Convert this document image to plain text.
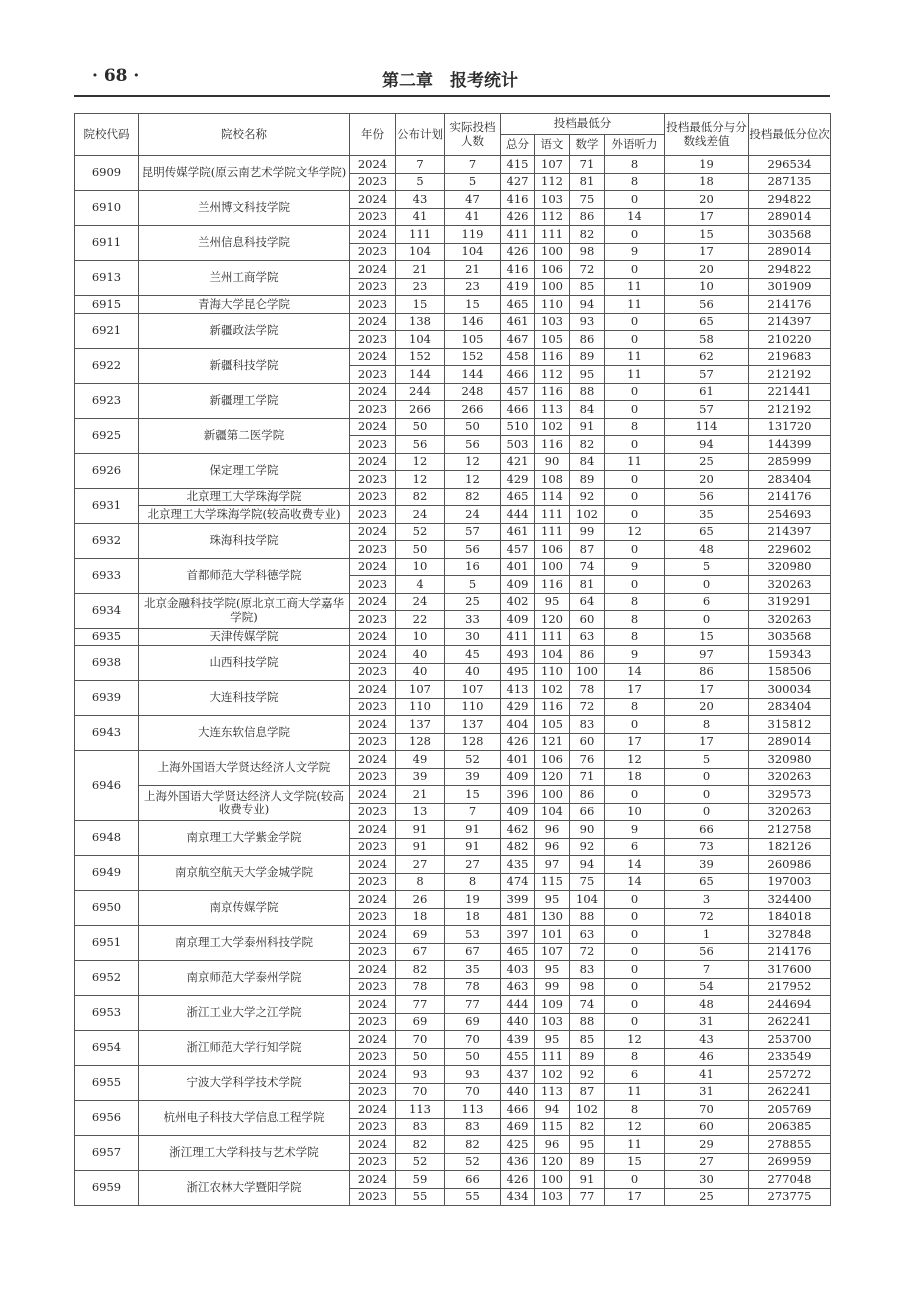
· 68 ·	第二章　报考统计
院校代码	院校名称	年份	公布计划	实际投档人数	投档最低分				投档最低分与分数线差值	投档最低分位次
					总分	语文	数学	外语听力		
6909	昆明传媒学院(原云南艺术学院文华学院)	2024	7	7	415	107	71	8	19	296534
		2023	5	5	427	112	81	8	18	287135
6910	兰州博文科技学院	2024	43	47	416	103	75	0	20	294822
		2023	41	41	426	112	86	14	17	289014
6911	兰州信息科技学院	2024	111	119	411	111	82	0	15	303568
		2023	104	104	426	100	98	9	17	289014
6913	兰州工商学院	2024	21	21	416	106	72	0	20	294822
		2023	23	23	419	100	85	11	10	301909
6915	青海大学昆仑学院	2023	15	15	465	110	94	11	56	214176
6921	新疆政法学院	2024	138	146	461	103	93	0	65	214397
		2023	104	105	467	105	86	0	58	210220
6922	新疆科技学院	2024	152	152	458	116	89	11	62	219683
		2023	144	144	466	112	95	11	57	212192
6923	新疆理工学院	2024	244	248	457	116	88	0	61	221441
		2023	266	266	466	113	84	0	57	212192
6925	新疆第二医学院	2024	50	50	510	102	91	8	114	131720
		2023	56	56	503	116	82	0	94	144399
6926	保定理工学院	2024	12	12	421	90	84	11	25	285999
		2023	12	12	429	108	89	0	20	283404
6931	北京理工大学珠海学院	2023	82	82	465	114	92	0	56	214176
	北京理工大学珠海学院(较高收费专业)	2023	24	24	444	111	102	0	35	254693
6932	珠海科技学院	2024	52	57	461	111	99	12	65	214397
		2023	50	56	457	106	87	0	48	229602
6933	首都师范大学科德学院	2024	10	16	401	100	74	9	5	320980
		2023	4	5	409	116	81	0	0	320263
6934	北京金融科技学院(原北京工商大学嘉华学院)	2024	24	25	402	95	64	8	6	319291
		2023	22	33	409	120	60	8	0	320263
6935	天津传媒学院	2024	10	30	411	111	63	8	15	303568
6938	山西科技学院	2024	40	45	493	104	86	9	97	159343
		2023	40	40	495	110	100	14	86	158506
6939	大连科技学院	2024	107	107	413	102	78	17	17	300034
		2023	110	110	429	116	72	8	20	283404
6943	大连东软信息学院	2024	137	137	404	105	83	0	8	315812
		2023	128	128	426	121	60	17	17	289014
6946	上海外国语大学贤达经济人文学院	2024	49	52	401	106	76	12	5	320980
		2023	39	39	409	120	71	18	0	320263
	上海外国语大学贤达经济人文学院(较高收费专业)	2024	21	15	396	100	86	0	0	329573
		2023	13	7	409	104	66	10	0	320263
6948	南京理工大学紫金学院	2024	91	91	462	96	90	9	66	212758
		2023	91	91	482	96	92	6	73	182126
6949	南京航空航天大学金城学院	2024	27	27	435	97	94	14	39	260986
		2023	8	8	474	115	75	14	65	197003
6950	南京传媒学院	2024	26	19	399	95	104	0	3	324400
		2023	18	18	481	130	88	0	72	184018
6951	南京理工大学泰州科技学院	2024	69	53	397	101	63	0	1	327848
		2023	67	67	465	107	72	0	56	214176
6952	南京师范大学泰州学院	2024	82	35	403	95	83	0	7	317600
		2023	78	78	463	99	98	0	54	217952
6953	浙江工业大学之江学院	2024	77	77	444	109	74	0	48	244694
		2023	69	69	440	103	88	0	31	262241
6954	浙江师范大学行知学院	2024	70	70	439	95	85	12	43	253700
		2023	50	50	455	111	89	8	46	233549
6955	宁波大学科学技术学院	2024	93	93	437	102	92	6	41	257272
		2023	70	70	440	113	87	11	31	262241
6956	杭州电子科技大学信息工程学院	2024	113	113	466	94	102	8	70	205769
		2023	83	83	469	115	82	12	60	206385
6957	浙江理工大学科技与艺术学院	2024	82	82	425	96	95	11	29	278855
		2023	52	52	436	120	89	15	27	269959
6959	浙江农林大学暨阳学院	2024	59	66	426	100	91	0	30	277048
		2023	55	55	434	103	77	17	25	273775
